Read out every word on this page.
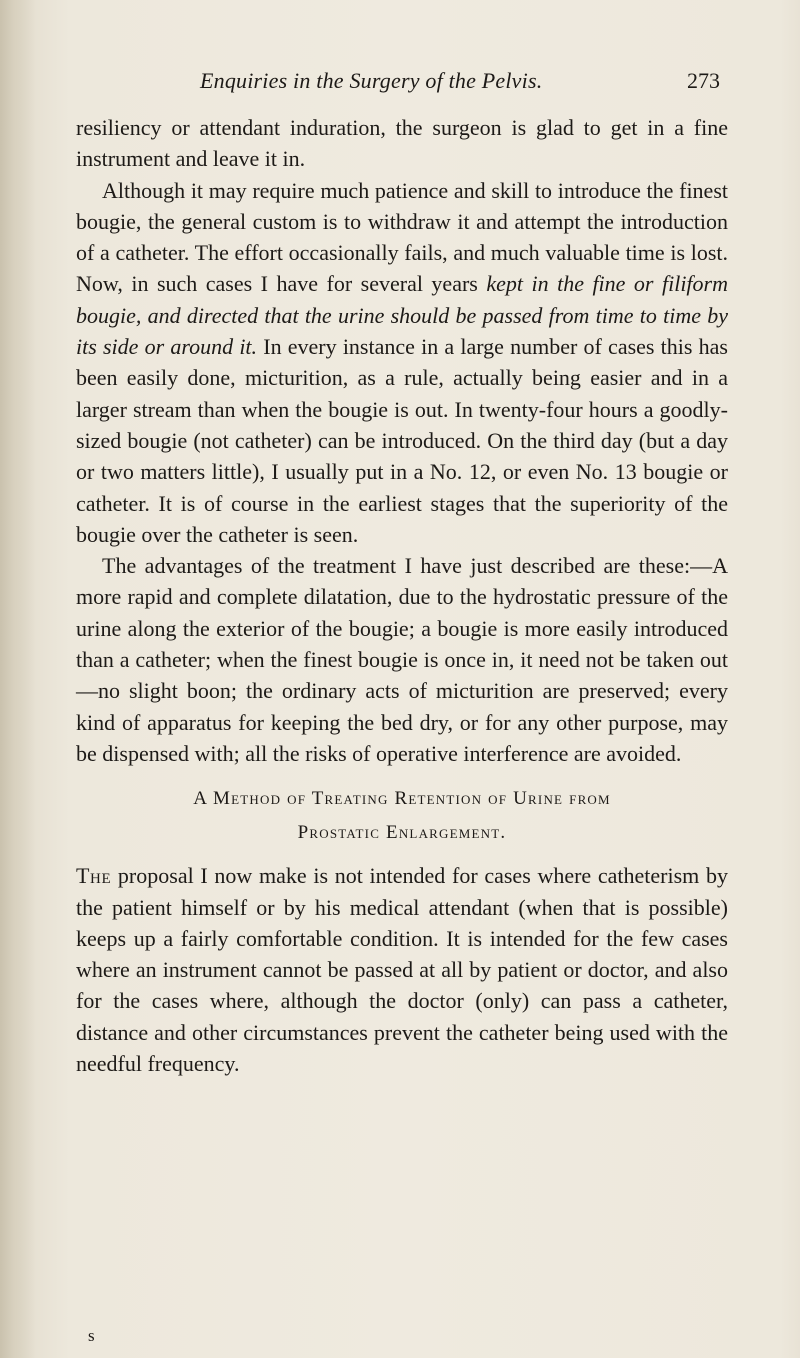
Enquiries in the Surgery of the Pelvis.	273

resiliency or attendant induration, the surgeon is glad to get in a fine instrument and leave it in.

Although it may require much patience and skill to introduce the finest bougie, the general custom is to withdraw it and attempt the introduction of a catheter. The effort occasionally fails, and much valuable time is lost. Now, in such cases I have for several years kept in the fine or filiform bougie, and directed that the urine should be passed from time to time by its side or around it. In every instance in a large number of cases this has been easily done, micturition, as a rule, actually being easier and in a larger stream than when the bougie is out. In twenty-four hours a goodly-sized bougie (not catheter) can be introduced. On the third day (but a day or two matters little), I usually put in a No. 12, or even No. 13 bougie or catheter. It is of course in the earliest stages that the superiority of the bougie over the catheter is seen.

The advantages of the treatment I have just described are these:—A more rapid and complete dilatation, due to the hydrostatic pressure of the urine along the exterior of the bougie; a bougie is more easily introduced than a catheter; when the finest bougie is once in, it need not be taken out—no slight boon; the ordinary acts of micturition are preserved; every kind of apparatus for keeping the bed dry, or for any other purpose, may be dispensed with; all the risks of operative interference are avoided.

A Method of Treating Retention of Urine from
Prostatic Enlargement.

The proposal I now make is not intended for cases where catheterism by the patient himself or by his medical attendant (when that is possible) keeps up a fairly comfortable condition. It is intended for the few cases where an instrument cannot be passed at all by patient or doctor, and also for the cases where, although the doctor (only) can pass a catheter, distance and other circumstances prevent the catheter being used with the needful frequency.

s
